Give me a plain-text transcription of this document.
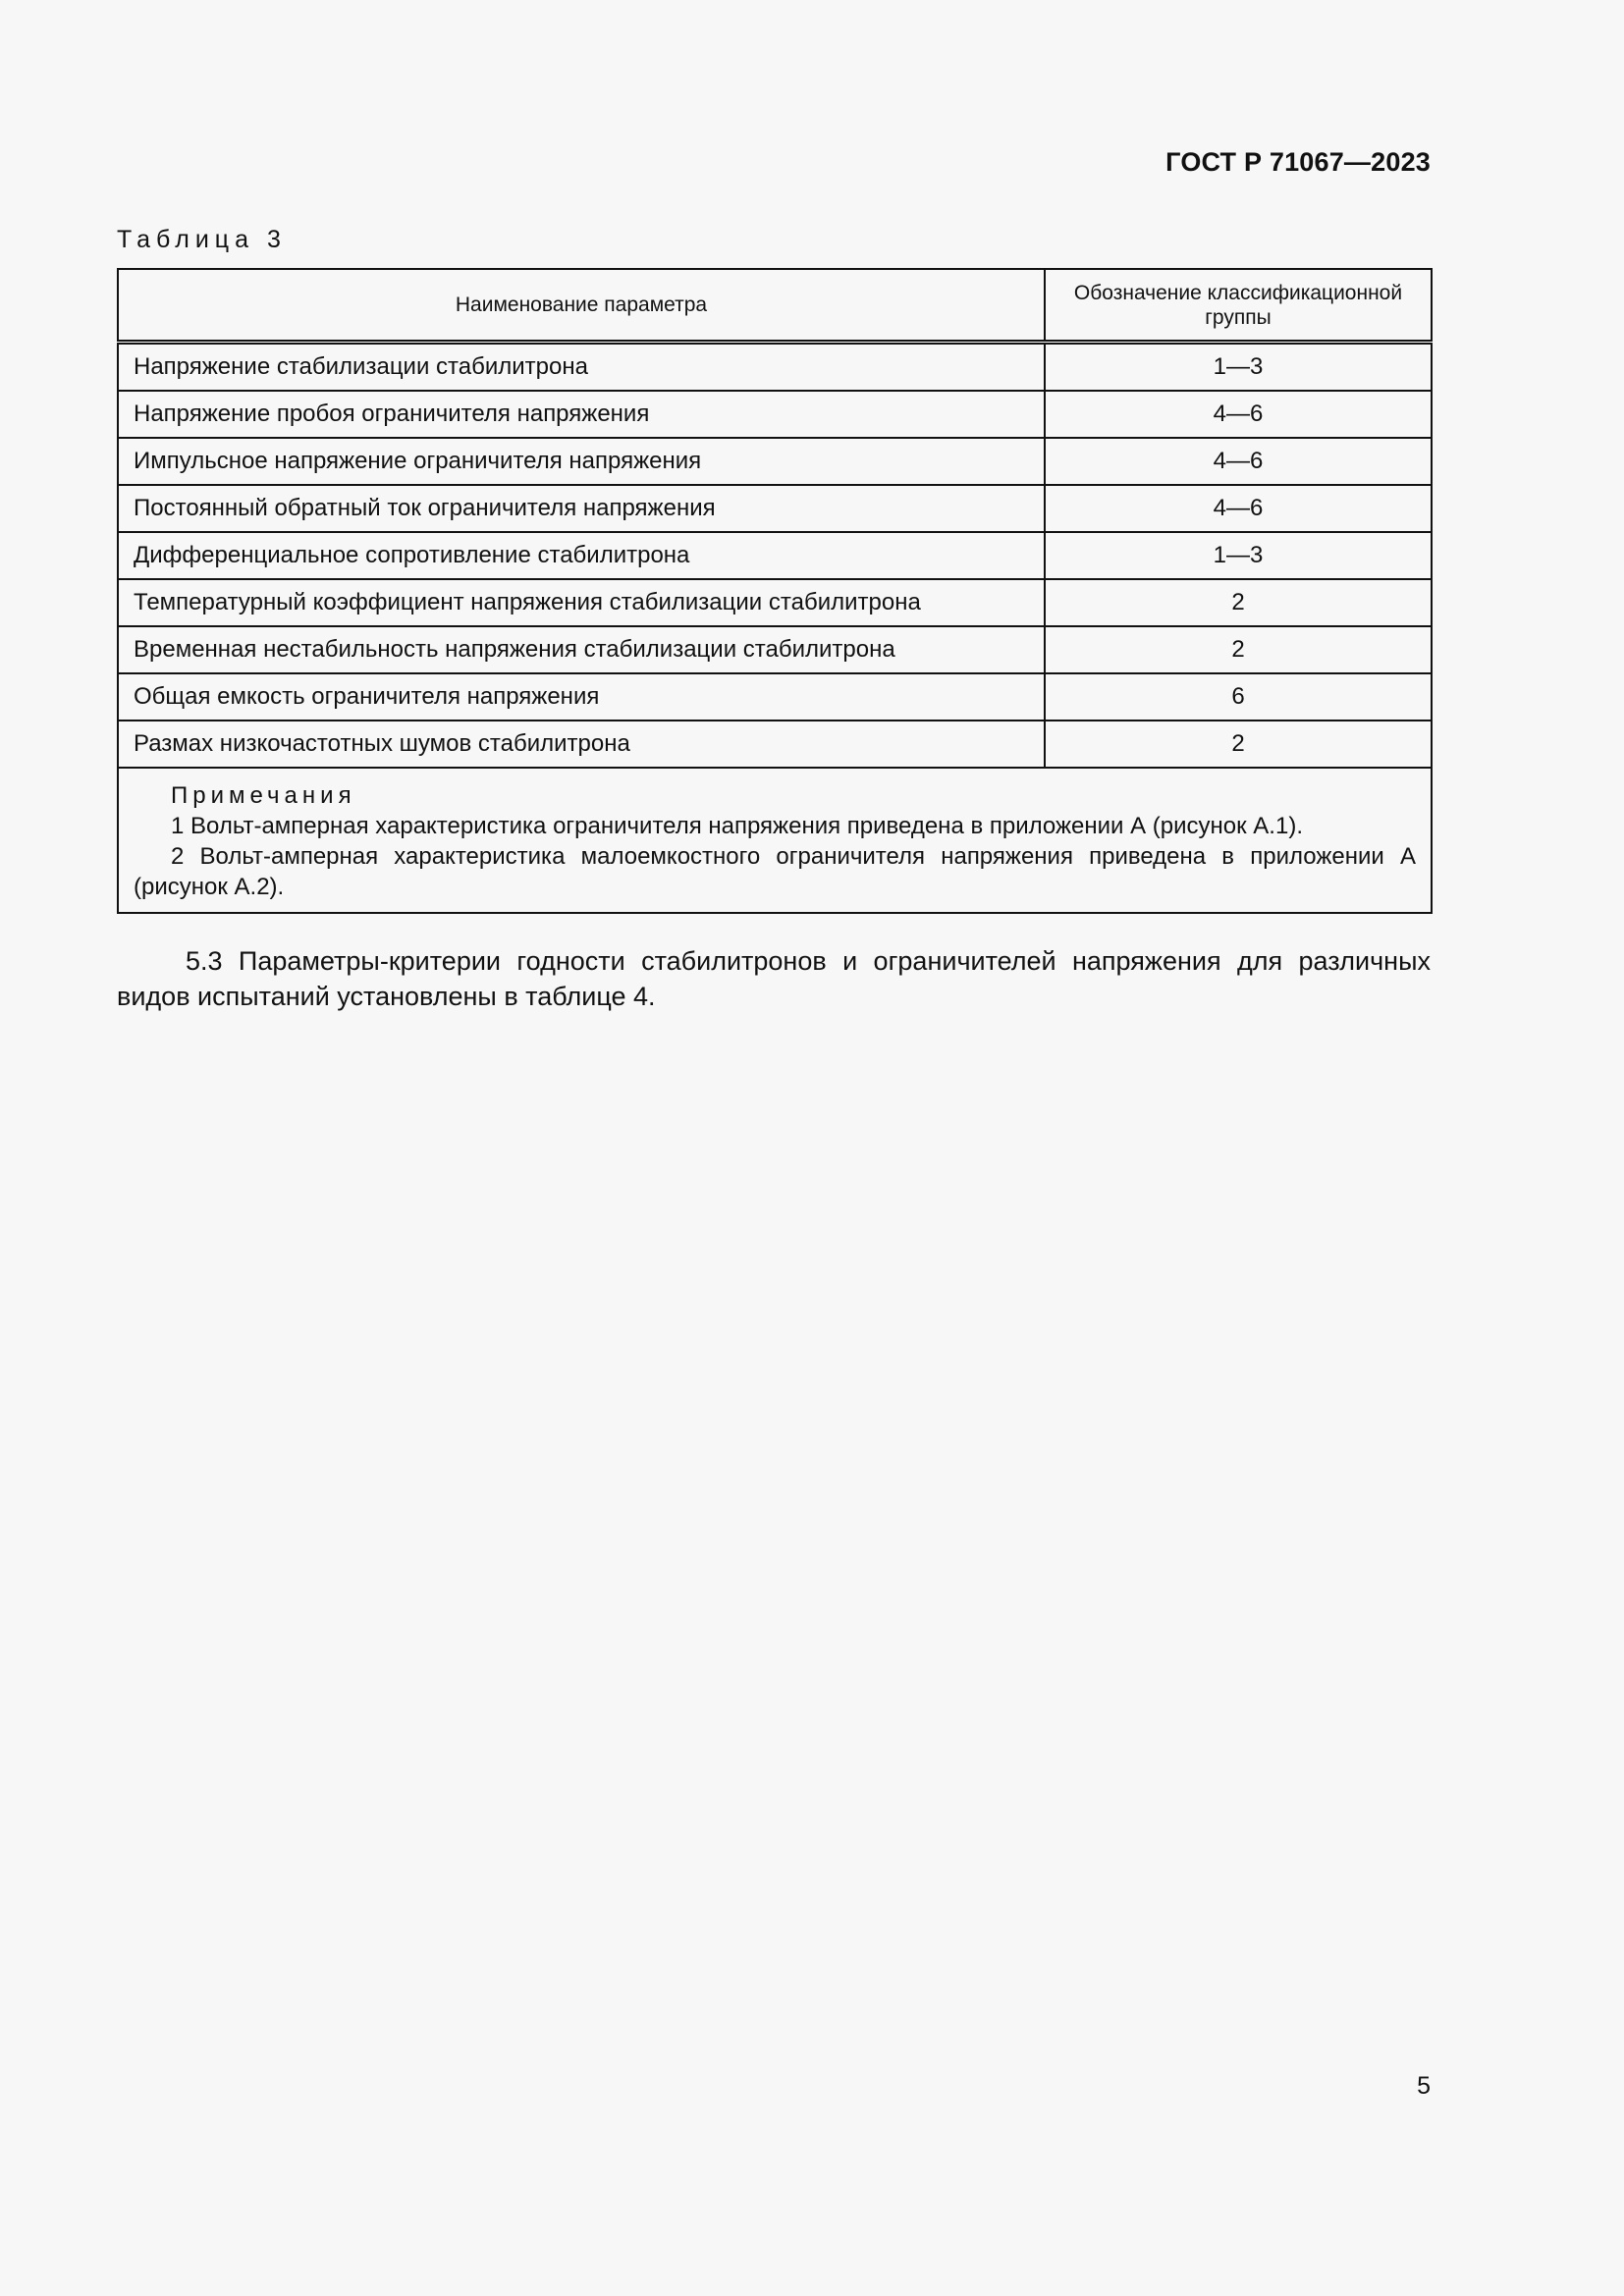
ГОСТ Р 71067—2023
Таблица 3
Наименование параметра	Обозначение классификационной группы
Напряжение стабилизации стабилитрона	1—3
Напряжение пробоя ограничителя напряжения	4—6
Импульсное напряжение ограничителя напряжения	4—6
Постоянный обратный ток ограничителя напряжения	4—6
Дифференциальное сопротивление стабилитрона	1—3
Температурный коэффициент напряжения стабилизации стабилитрона	2
Временная нестабильность напряжения стабилизации стабилитрона	2
Общая емкость ограничителя напряжения	6
Размах низкочастотных шумов стабилитрона	2

Примечания
1 Вольт-амперная характеристика ограничителя напряжения приведена в приложении А (рисунок А.1).
2 Вольт-амперная характеристика малоемкостного ограничителя напряжения приведена в приложении А (рисунок А.2).	
5.3 Параметры-критерии годности стабилитронов и ограничителей напряжения для различных видов испытаний установлены в таблице 4.
5
